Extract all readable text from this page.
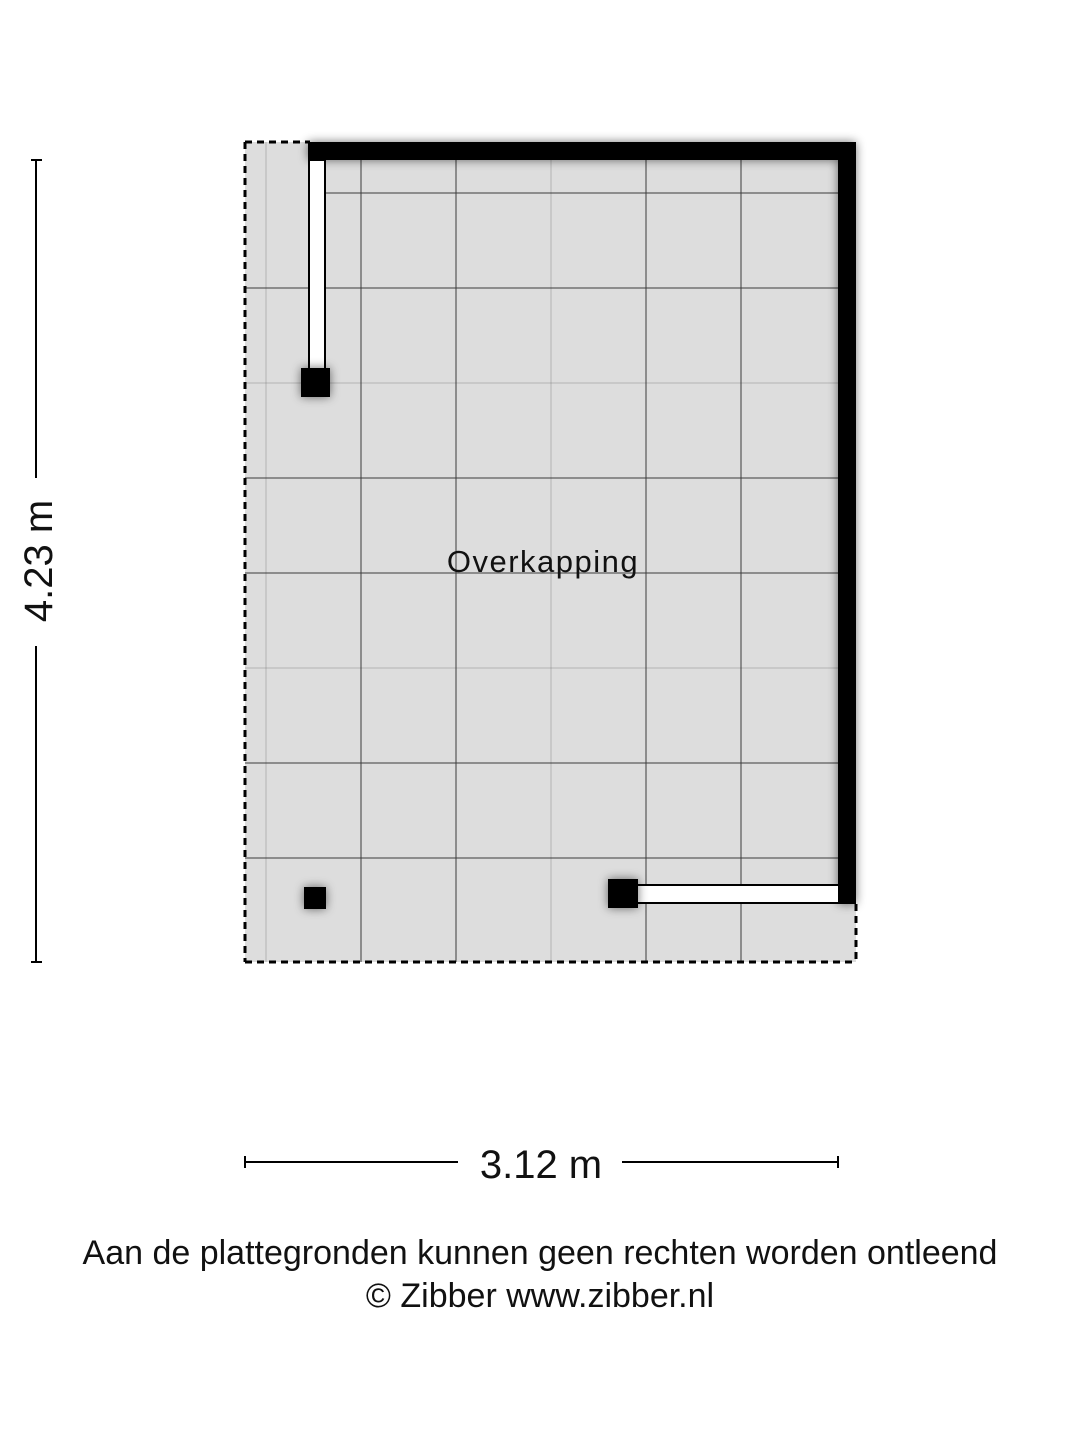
Overkapping
4.23 m
3.12 m
Aan de plattegronden kunnen geen rechten worden ontleend
© Zibber www.zibber.nl
